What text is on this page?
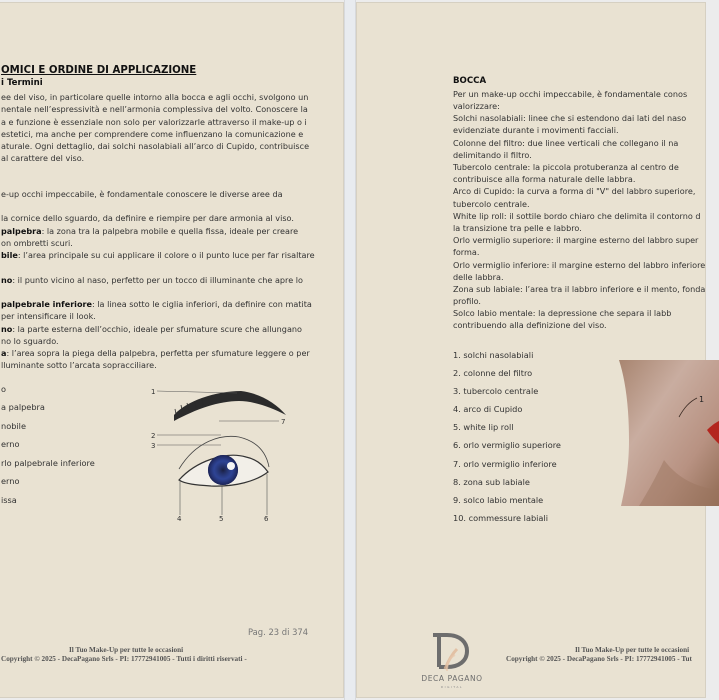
OMICI E ORDINE DI APPLICAZIONE
i Termini
ee del viso, in particolare quelle intorno alla bocca e agli occhi, svolgono un
nentale nell’espressività e nell’armonia complessiva del volto. Conoscere la
a e funzione è essenziale non solo per valorizzarle attraverso il make-up o i
estetici, ma anche per comprendere come influenzano la comunicazione e
aturale. Ogni dettaglio, dai solchi nasolabiali all’arco di Cupido, contribuisce
al carattere del viso.
e-up occhi impeccabile, è fondamentale conoscere le diverse aree da
la cornice dello sguardo, da definire e riempire per dare armonia al viso.
palpebra: la zona tra la palpebra mobile e quella fissa, ideale per creare
on ombretti scuri.
bile: l’area principale su cui applicare il colore o il punto luce per far risaltare
no: il punto vicino al naso, perfetto per un tocco di illuminante che apre lo
palpebrale inferiore: la linea sotto le ciglia inferiori, da definire con matita
per intensificare il look.
no: la parte esterna dell’occhio, ideale per sfumature scure che allungano
no lo sguardo.
a: l’area sopra la piega della palpebra, perfetta per sfumature leggere o per
lluminante sotto l’arcata sopracciliare.
o
a palpebra
nobile
erno
rlo palpebrale inferiore
erno
issa
1
2
3
4	5	6
7
Pag. 23 di 374
Il Tuo Make-Up per tutte le occasioni
Copyright © 2025 - DecaPagano Srls - PI: 17772941005 - Tutti i diritti riservati -
BOCCA
Per un make-up occhi impeccabile, è fondamentale conos
valorizzare:
Solchi nasolabiali: linee che si estendono dai lati del naso
evidenziate durante i movimenti facciali.
Colonne del filtro: due linee verticali che collegano il na
delimitando il filtro.
Tubercolo centrale: la piccola protuberanza al centro de
contribuisce alla forma naturale delle labbra.
Arco di Cupido: la curva a forma di "V" del labbro superiore,
tubercolo centrale.
White lip roll: il sottile bordo chiaro che delimita il contorno d
la transizione tra pelle e labbro.
Orlo vermiglio superiore: il margine esterno del labbro super
forma.
Orlo vermiglio inferiore: il margine esterno del labbro inferiore
delle labbra.
Zona sub labiale: l’area tra il labbro inferiore e il mento, fonda
profilo.
Solco labio mentale: la depressione che separa il labb
contribuendo alla definizione del viso.
1. solchi nasolabiali
2. colonne del filtro
3. tubercolo centrale
4. arco di Cupido
5. white lip roll
6. orlo vermiglio superiore
7. orlo vermiglio inferiore
8. zona sub labiale
9. solco labio mentale
10. commessure labiali
1
DECA PAGANO
DIGITAL
Il Tuo Make-Up per tutte le occasioni
Copyright © 2025 - DecaPagano Srls - PI: 17772941005 - Tut
